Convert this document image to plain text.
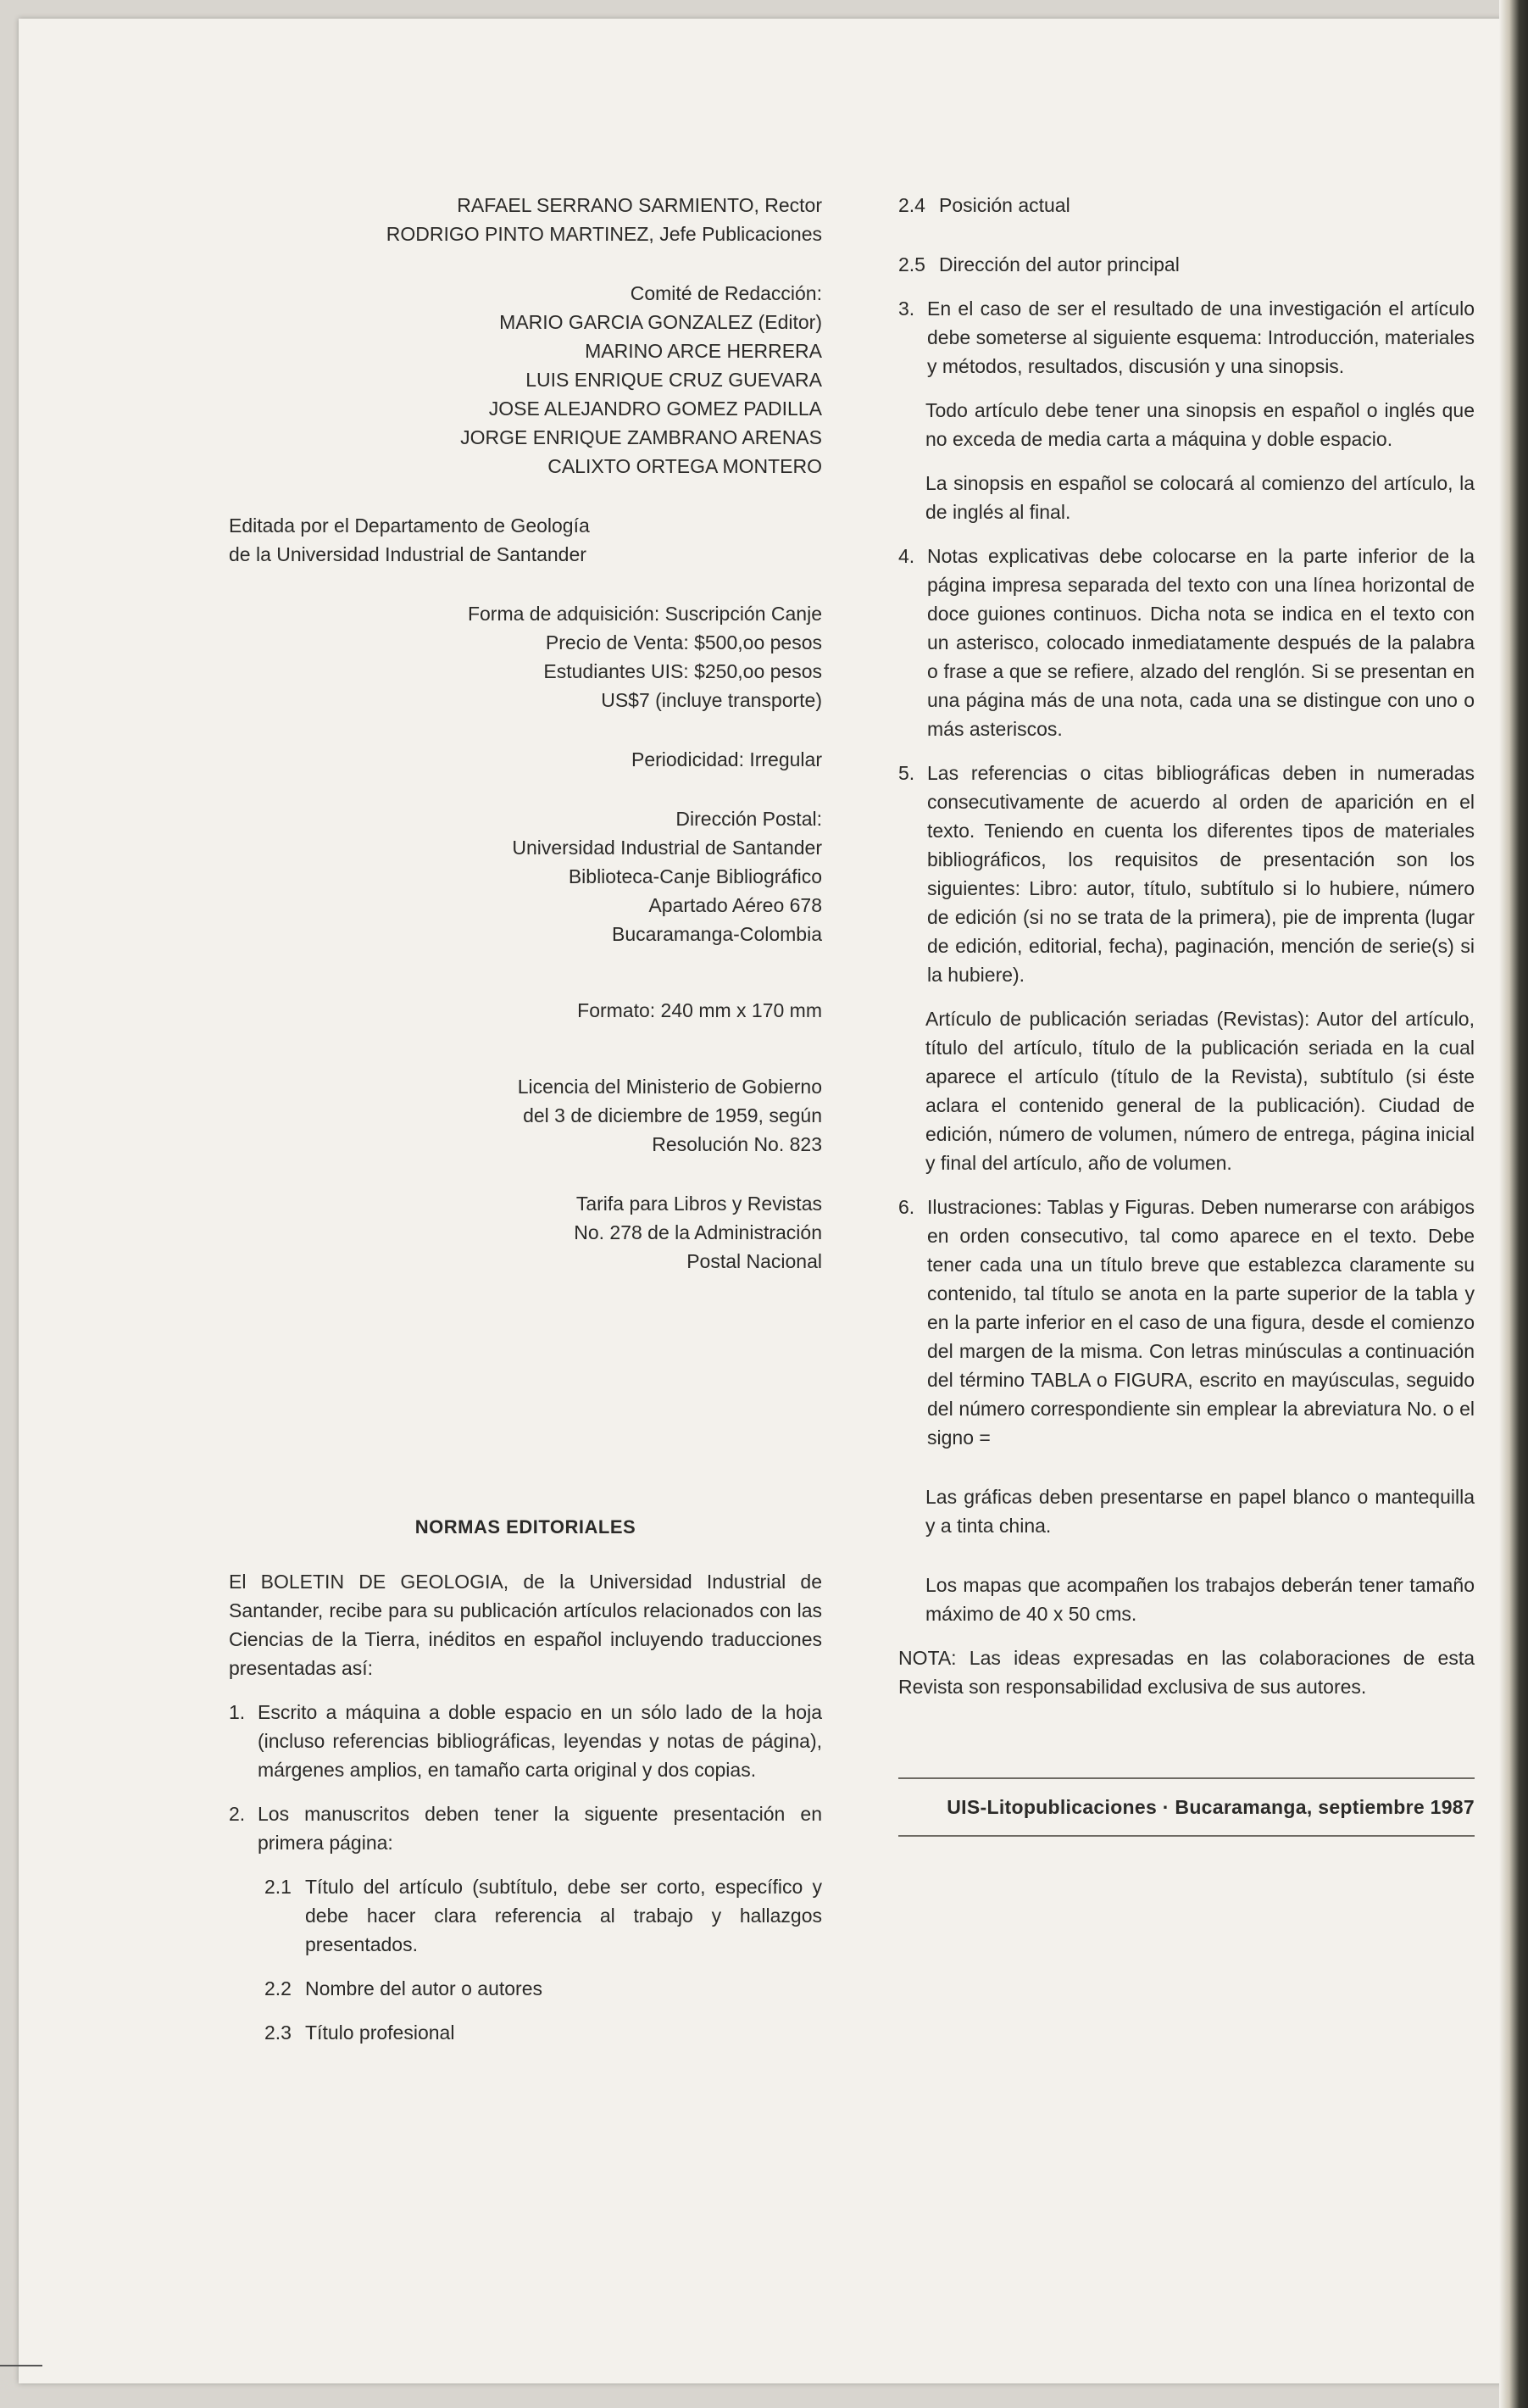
RAFAEL SERRANO SARMIENTO, Rector

RODRIGO PINTO MARTINEZ, Jefe Publicaciones

Comité de Redacción:

MARIO GARCIA GONZALEZ (Editor)

MARINO ARCE HERRERA

LUIS ENRIQUE CRUZ GUEVARA

JOSE ALEJANDRO GOMEZ PADILLA

JORGE ENRIQUE ZAMBRANO ARENAS

CALIXTO ORTEGA MONTERO

Editada por el Departamento de Geología

de la Universidad Industrial de Santander

Forma de adquisición: Suscripción Canje

Precio de Venta: $500,oo pesos

Estudiantes UIS: $250,oo pesos

US$7 (incluye transporte)

Periodicidad: Irregular

Dirección Postal:

Universidad Industrial de Santander

Biblioteca-Canje Bibliográfico

Apartado Aéreo 678

Bucaramanga-Colombia

Formato: 240 mm x 170 mm

Licencia del Ministerio de Gobierno

del 3 de diciembre de 1959, según

Resolución No. 823

Tarifa para Libros y Revistas

No. 278 de la Administración

Postal Nacional

NORMAS EDITORIALES

El BOLETIN DE GEOLOGIA, de la Universidad Industrial de Santander, recibe para su publicación artículos relacionados con las Ciencias de la Tierra, inéditos en español incluyendo traducciones presentadas así:

1. Escrito a máquina a doble espacio en un sólo lado de la hoja (incluso referencias bibliográficas, leyendas y notas de página), márgenes amplios, en tamaño carta original y dos copias.
2. Los manuscritos deben tener la siguente presentación en primera página:
2.1 Título del artículo (subtítulo, debe ser corto, específico y debe hacer clara referencia al trabajo y hallazgos presentados.
2.2 Nombre del autor o autores
2.3 Título profesional
2.4 Posición actual
2.5 Dirección del autor principal
3. En el caso de ser el resultado de una investigación el artículo debe someterse al siguiente esquema: Introducción, materiales y métodos, resultados, discusión y una sinopsis.

Todo artículo debe tener una sinopsis en español o inglés que no exceda de media carta a máquina y doble espacio.

La sinopsis en español se colocará al comienzo del artículo, la de inglés al final.

4. Notas explicativas debe colocarse en la parte inferior de la página impresa separada del texto con una línea horizontal de doce guiones continuos. Dicha nota se indica en el texto con un asterisco, colocado inmediatamente después de la palabra o frase a que se refiere, alzado del renglón. Si se presentan en una página más de una nota, cada una se distingue con uno o más asteriscos.
5. Las referencias o citas bibliográficas deben in numeradas consecutivamente de acuerdo al orden de aparición en el texto. Teniendo en cuenta los diferentes tipos de materiales bibliográficos, los requisitos de presentación son los siguientes: Libro: autor, título, subtítulo si lo hubiere, número de edición (si no se trata de la primera), pie de imprenta (lugar de edición, editorial, fecha), paginación, mención de serie(s) si la hubiere).

Artículo de publicación seriadas (Revistas): Autor del artículo, título del artículo, título de la publicación seriada en la cual aparece el artículo (título de la Revista), subtítulo (si éste aclara el contenido general de la publicación). Ciudad de edición, número de volumen, número de entrega, página inicial y final del artículo, año de volumen.

6. Ilustraciones: Tablas y Figuras. Deben numerarse con arábigos en orden consecutivo, tal como aparece en el texto. Debe tener cada una un título breve que establezca claramente su contenido, tal título se anota en la parte superior de la tabla y en la parte inferior en el caso de una figura, desde el comienzo del margen de la misma. Con letras minúsculas a continuación del término TABLA o FIGURA, escrito en mayúsculas, seguido del número correspondiente sin emplear la abreviatura No. o el signo =

Las gráficas deben presentarse en papel blanco o mantequilla y a tinta china.

Los mapas que acompañen los trabajos deberán tener tamaño máximo de 40 x 50 cms.

NOTA: Las ideas expresadas en las colaboraciones de esta Revista son responsabilidad exclusiva de sus autores.

UIS-Litopublicaciones · Bucaramanga, septiembre 1987
